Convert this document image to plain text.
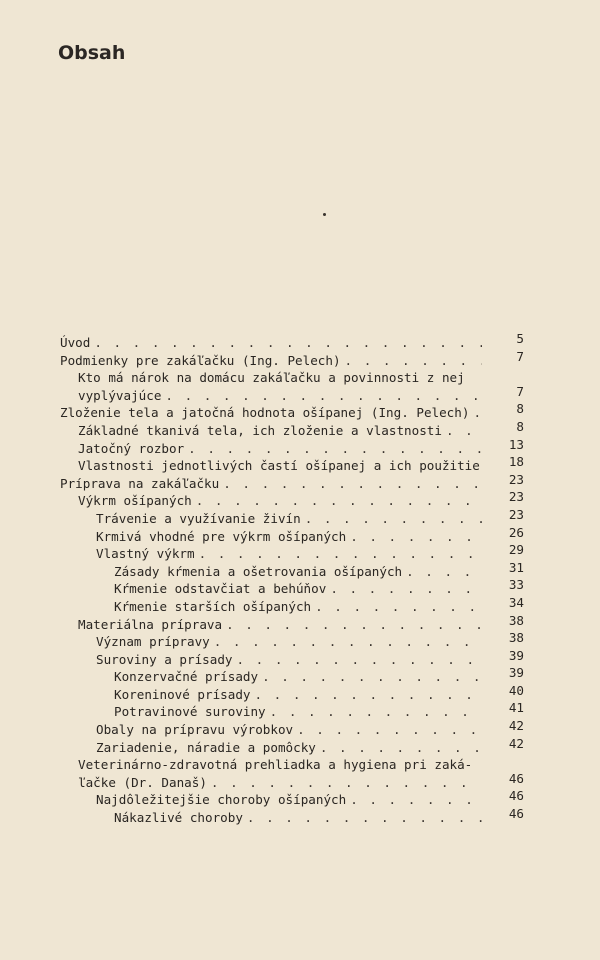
Obsah
Úvod . . .	5
Podmienky pre zakáľačku (Ing. Pelech) . . .	7
Kto má nárok na domácu zakáľačku a povinnosti z nej
vyplývajúce . . .	7
Zloženie tela a jatočná hodnota ošípanej (Ing. Pelech) . . .	8
Základné tkanivá tela, ich zloženie a vlastnosti . . .	8
Jatočný rozbor . . .	13
Vlastnosti jednotlivých častí ošípanej a ich použitie	18
Príprava na zakáľačku . . .	23
Výkrm ošípaných . . .	23
Trávenie a využívanie živín . . .	23
Krmivá vhodné pre výkrm ošípaných . . .	26
Vlastný výkrm . . .	29
Zásady kŕmenia a ošetrovania ošípaných . . .	31
Kŕmenie odstavčiat a behúňov . . .	33
Kŕmenie starších ošípaných . . .	34
Materiálna príprava . . .	38
Význam prípravy . . .	38
Suroviny a prísady . . .	39
Konzervačné prísady . . .	39
Koreninové prísady . . .	40
Potravinové suroviny . . .	41
Obaly na prípravu výrobkov . . .	42
Zariadenie, náradie a pomôcky . . .	42
Veterinárno-zdravotná prehliadka a hygiena pri zaká-
ľačke (Dr. Današ) . . .	46
Najdôležitejšie choroby ošípaných . . .	46
Nákazlivé choroby . . .	46
